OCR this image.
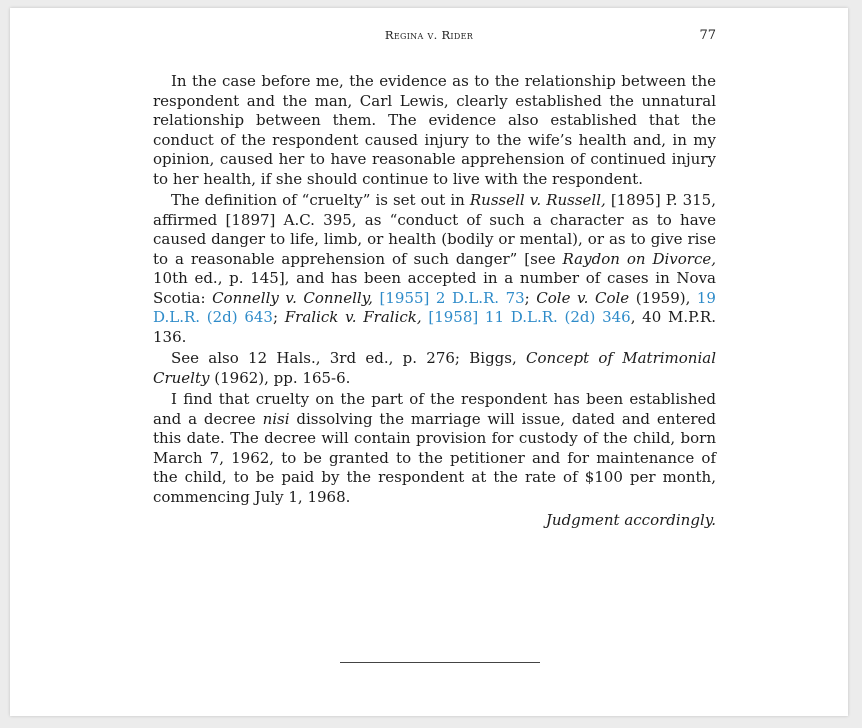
Regina v. Rider	77

In the case before me, the evidence as to the relationship between the respondent and the man, Carl Lewis, clearly established the unnatural relationship between them. The evidence also established that the conduct of the respondent caused injury to the wife’s health and, in my opinion, caused her to have reasonable apprehension of continued injury to her health, if she should continue to live with the respondent.

The definition of “cruelty” is set out in Russell v. Russell, [1895] P. 315, affirmed [1897] A.C. 395, as “conduct of such a character as to have caused danger to life, limb, or health (bodily or mental), or as to give rise to a reasonable apprehension of such danger” [see Raydon on Divorce, 10th ed., p. 145], and has been accepted in a number of cases in Nova Scotia: Connelly v. Connelly, [1955] 2 D.L.R. 73; Cole v. Cole (1959), 19 D.L.R. (2d) 643; Fralick v. Fralick, [1958] 11 D.L.R. (2d) 346, 40 M.P.R. 136.

See also 12 Hals., 3rd ed., p. 276; Biggs, Concept of Matrimonial Cruelty (1962), pp. 165-6.

I find that cruelty on the part of the respondent has been established and a decree nisi dissolving the marriage will issue, dated and entered this date. The decree will contain provision for custody of the child, born March 7, 1962, to be granted to the petitioner and for maintenance of the child, to be paid by the respondent at the rate of $100 per month, commencing July 1, 1968.

Judgment accordingly.
